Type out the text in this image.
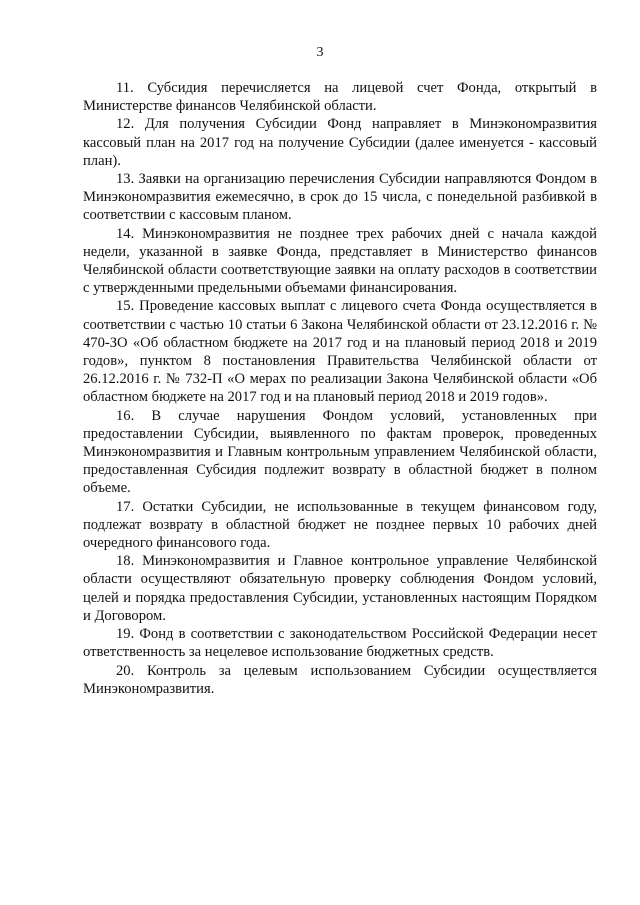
3

11. Субсидия перечисляется на лицевой счет Фонда, открытый в Министерстве финансов Челябинской области.

12. Для получения Субсидии Фонд направляет в Минэкономразвития кассовый план на 2017 год на получение Субсидии (далее именуется - кассовый план).

13. Заявки на организацию перечисления Субсидии направляются Фондом в Минэкономразвития ежемесячно, в срок до 15 числа, с понедельной разбивкой в соответствии с кассовым планом.

14. Минэкономразвития не позднее трех рабочих дней с начала каждой недели, указанной в заявке Фонда, представляет в Министерство финансов Челябинской области соответствующие заявки на оплату расходов в соответствии с утвержденными предельными объемами финансирования.

15. Проведение кассовых выплат с лицевого счета Фонда осуществляется в соответствии с частью 10 статьи 6 Закона Челябинской области от 23.12.2016 г. № 470-ЗО «Об областном бюджете на 2017 год и на плановый период 2018 и 2019 годов», пунктом 8 постановления Правительства Челябинской области от 26.12.2016 г. № 732-П «О мерах по реализации Закона Челябинской области «Об областном бюджете на 2017 год и на плановый период 2018 и 2019 годов».

16. В случае нарушения Фондом условий, установленных при предоставлении Субсидии, выявленного по фактам проверок, проведенных Минэкономразвития и Главным контрольным управлением Челябинской области, предоставленная Субсидия подлежит возврату в областной бюджет в полном объеме.

17. Остатки Субсидии, не использованные в текущем финансовом году, подлежат возврату в областной бюджет не позднее первых 10 рабочих дней очередного финансового года.

18. Минэкономразвития и Главное контрольное управление Челябинской области осуществляют обязательную проверку соблюдения Фондом условий, целей и порядка предоставления Субсидии, установленных настоящим Порядком и Договором.

19. Фонд в соответствии с законодательством Российской Федерации несет ответственность за нецелевое использование бюджетных средств.

20. Контроль за целевым использованием Субсидии осуществляется Минэкономразвития.
